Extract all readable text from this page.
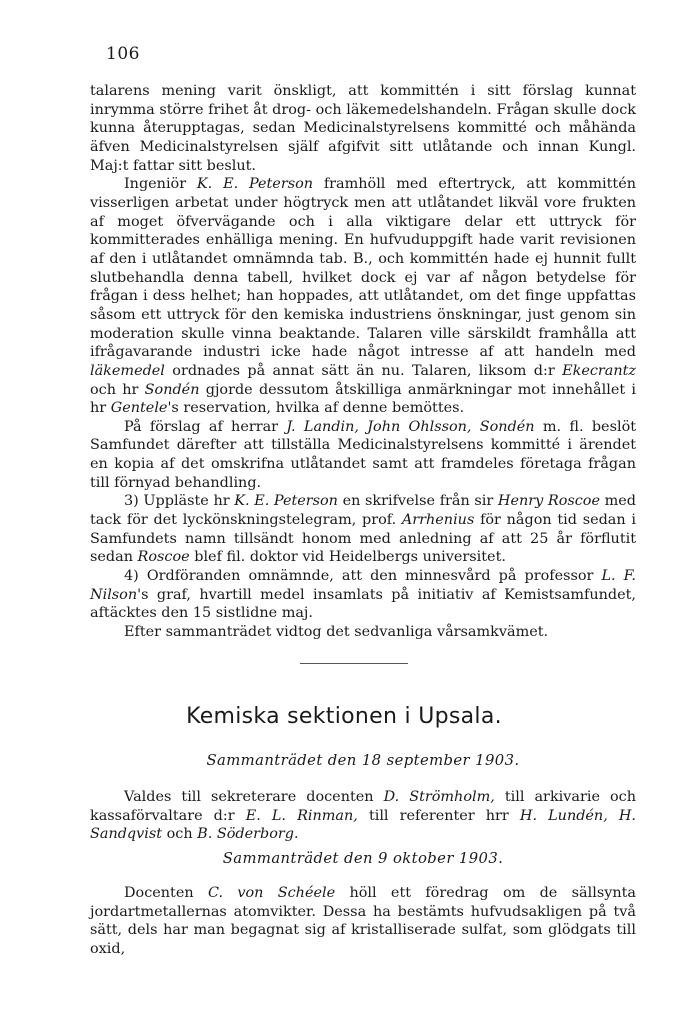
106

talarens mening varit önskligt, att kommittén i sitt förslag kunnat inrymma större frihet åt drog- och läkemedelshandeln. Frågan skulle dock kunna återupptagas, sedan Medicinalstyrelsens kommitté och måhända äfven Medicinalstyrelsen själf afgifvit sitt utlåtande och innan Kungl. Maj:t fattar sitt beslut.

Ingeniör K. E. Peterson framhöll med eftertryck, att kommittén visserligen arbetat under högtryck men att utlåtandet likväl vore frukten af moget öfvervägande och i alla viktigare delar ett uttryck för kommitterades enhälliga mening. En hufvuduppgift hade varit revisionen af den i utlåtandet omnämnda tab. B., och kommittén hade ej hunnit fullt slutbehandla denna tabell, hvilket dock ej var af någon betydelse för frågan i dess helhet; han hoppades, att utlåtandet, om det finge uppfattas såsom ett uttryck för den kemiska industriens önskningar, just genom sin moderation skulle vinna beaktande. Talaren ville särskildt framhålla att ifrågavarande industri icke hade något intresse af att handeln med läkemedel ordnades på annat sätt än nu. Talaren, liksom d:r Ekecrantz och hr Sondén gjorde dessutom åtskilliga anmärkningar mot innehållet i hr Gentele's reservation, hvilka af denne bemöttes.

På förslag af herrar J. Landin, John Ohlsson, Sondén m. fl. beslöt Samfundet därefter att tillställa Medicinalstyrelsens kommitté i ärendet en kopia af det omskrifna utlåtandet samt att framdeles företaga frågan till förnyad behandling.

3) Uppläste hr K. E. Peterson en skrifvelse från sir Henry Roscoe med tack för det lyckönskningstelegram, prof. Arrhenius för någon tid sedan i Samfundets namn tillsändt honom med anledning af att 25 år förflutit sedan Roscoe blef fil. doktor vid Heidelbergs universitet.

4) Ordföranden omnämnde, att den minnesvård på professor L. F. Nilson's graf, hvartill medel insamlats på initiativ af Kemistsamfundet, aftäcktes den 15 sistlidne maj.

Efter sammanträdet vidtog det sedvanliga vårsamkvämet.

Kemiska sektionen i Upsala.
Sammanträdet den 18 september 1903.

Valdes till sekreterare docenten D. Strömholm, till arkivarie och kassaförvaltare d:r E. L. Rinman, till referenter hrr H. Lundén, H. Sandqvist och B. Söderborg.

Sammanträdet den 9 oktober 1903.

Docenten C. von Schéele höll ett föredrag om de sällsynta jordartmetallernas atomvikter. Dessa ha bestämts hufvudsakligen på två sätt, dels har man begagnat sig af kristalliserade sulfat, som glödgats till oxid,
